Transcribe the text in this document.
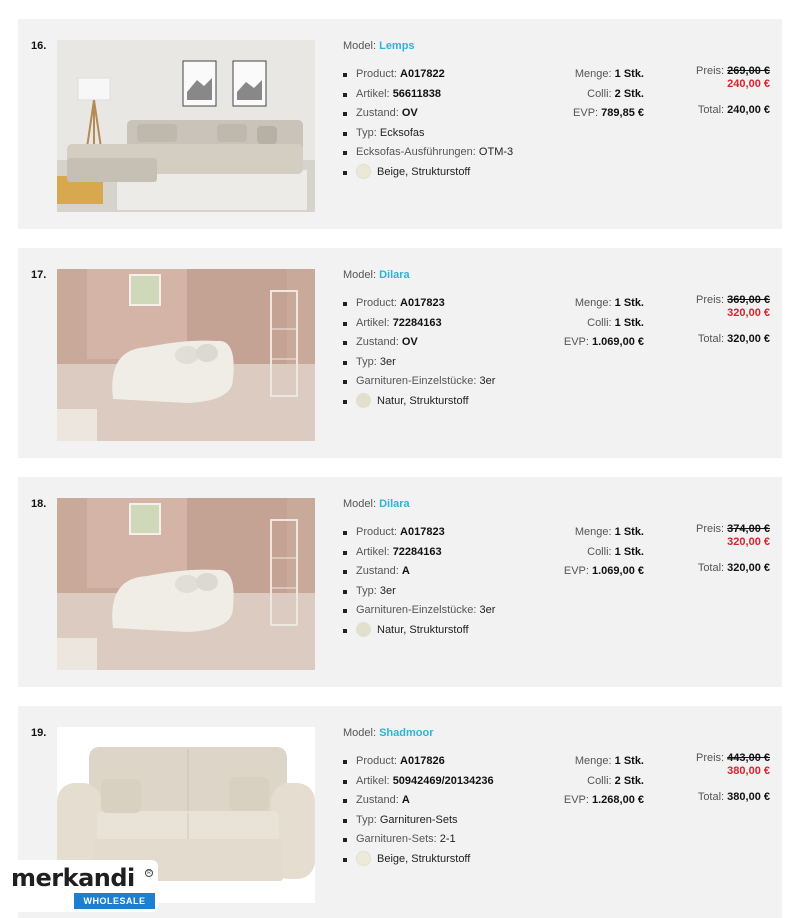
16.	Model: Lemps
Product: A017822
Artikel: 56611838
Zustand: OV
Typ: Ecksofas
Ecksofas-Ausführungen: OTM-3
Beige, Strukturstoff
Menge: 1 Stk.
Colli: 2 Stk.
EVP: 789,85 €
Preis: 269,00 €
240,00 €
Total: 240,00 €
17.	Model: Dilara
Product: A017823
Artikel: 72284163
Zustand: OV
Typ: 3er
Garnituren-Einzelstücke: 3er
Natur, Strukturstoff
Menge: 1 Stk.
Colli: 1 Stk.
EVP: 1.069,00 €
Preis: 369,00 €
320,00 €
Total: 320,00 €
18.	Model: Dilara
Product: A017823
Artikel: 72284163
Zustand: A
Typ: 3er
Garnituren-Einzelstücke: 3er
Natur, Strukturstoff
Menge: 1 Stk.
Colli: 1 Stk.
EVP: 1.069,00 €
Preis: 374,00 €
320,00 €
Total: 320,00 €
19.	Model: Shadmoor
Product: A017826
Artikel: 50942469/20134236
Zustand: A
Typ: Garnituren-Sets
Garnituren-Sets: 2-1
Beige, Strukturstoff
Menge: 1 Stk.
Colli: 2 Stk.
EVP: 1.268,00 €
Preis: 443,00 €
380,00 €
Total: 380,00 €
merkandi	R
WHOLESALE
